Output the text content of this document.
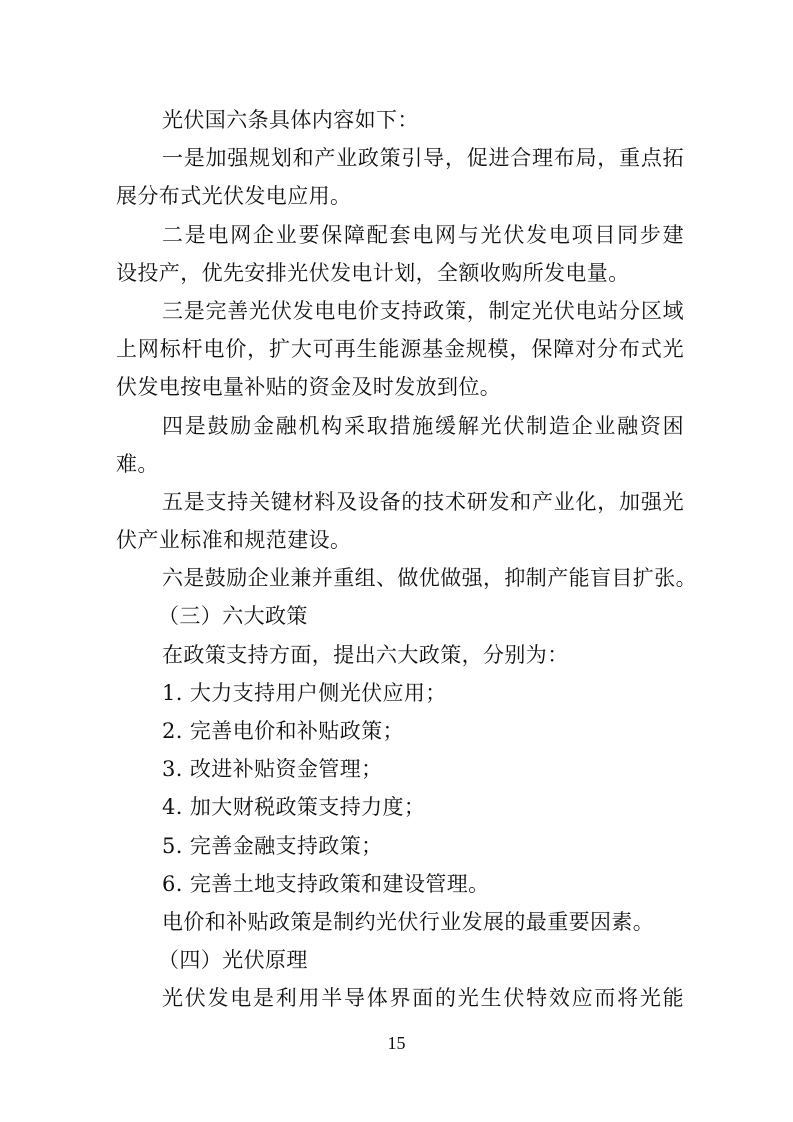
光伏国六条具体内容如下：
一是加强规划和产业政策引导，促进合理布局，重点拓
展分布式光伏发电应用。
二是电网企业要保障配套电网与光伏发电项目同步建
设投产，优先安排光伏发电计划，全额收购所发电量。
三是完善光伏发电电价支持政策，制定光伏电站分区域
上网标杆电价，扩大可再生能源基金规模，保障对分布式光
伏发电按电量补贴的资金及时发放到位。
四是鼓励金融机构采取措施缓解光伏制造企业融资困
难。
五是支持关键材料及设备的技术研发和产业化，加强光
伏产业标准和规范建设。
六是鼓励企业兼并重组、做优做强，抑制产能盲目扩张。
（三）六大政策
在政策支持方面，提出六大政策，分别为：
1. 大力支持用户侧光伏应用；
2. 完善电价和补贴政策；
3. 改进补贴资金管理；
4. 加大财税政策支持力度；
5. 完善金融支持政策；
6. 完善土地支持政策和建设管理。
电价和补贴政策是制约光伏行业发展的最重要因素。
（四）光伏原理
光伏发电是利用半导体界面的光生伏特效应而将光能
15
